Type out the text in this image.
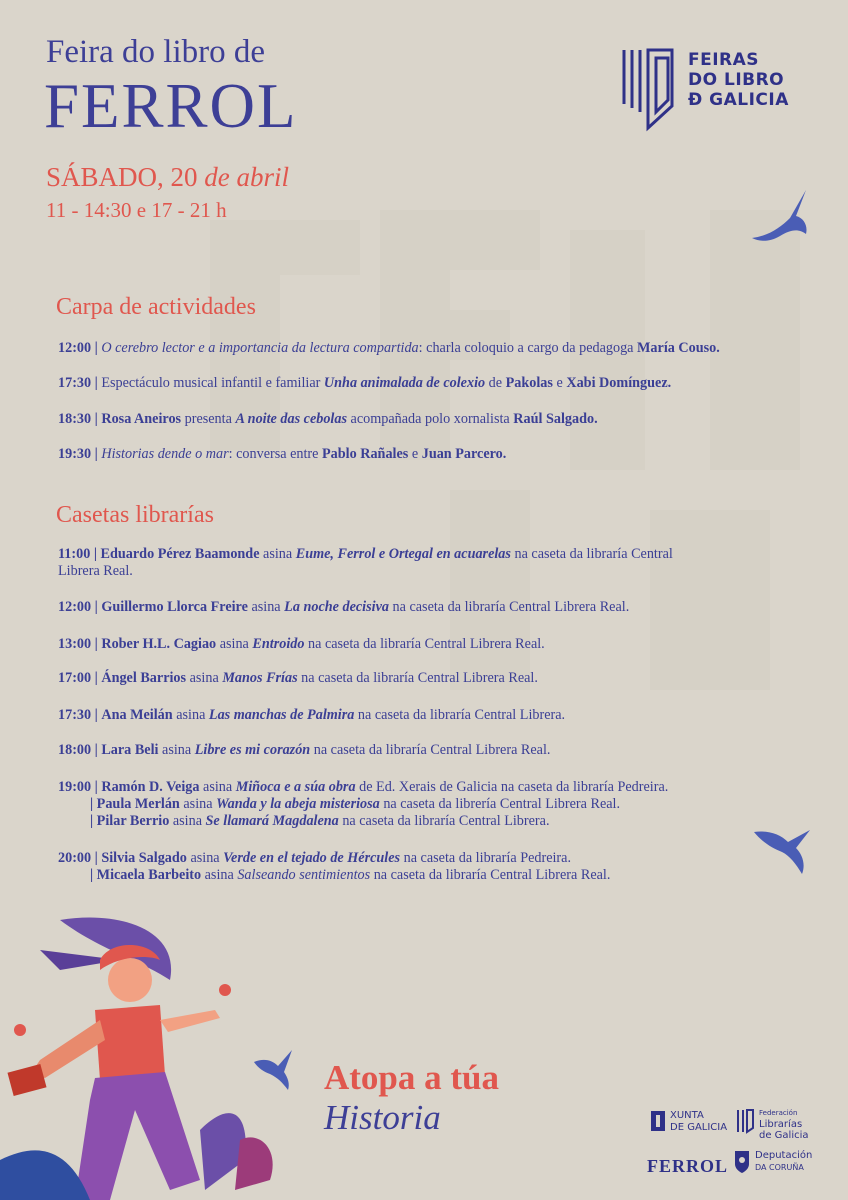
Feira do libro de
FERROL
SÁBADO, 20 de abril
11 - 14:30 e 17 - 21 h
FEIRAS
DO LIBRO
Ð GALICIA
Carpa de actividades
12:00 | O cerebro lector e a importancia da lectura compartida: charla coloquio a cargo da pedagoga María Couso.
17:30 | Espectáculo musical infantil e familiar Unha animalada de colexio de Pakolas e Xabi Domínguez.
18:30 | Rosa Aneiros presenta A noite das cebolas acompañada polo xornalista Raúl Salgado.
19:30 | Historias dende o mar: conversa entre Pablo Rañales e Juan Parcero.
Casetas librarías
11:00 | Eduardo Pérez Baamonde asina Eume, Ferrol e Ortegal en acuarelas na caseta da libraría Central
Librera Real.
12:00 | Guillermo Llorca Freire asina La noche decisiva na caseta da libraría Central Librera Real.
13:00 | Rober H.L. Cagiao asina Entroido na caseta da libraría Central Librera Real.
17:00 | Ángel Barrios asina Manos Frías na caseta da libraría Central Librera Real.
17:30 | Ana Meilán asina Las manchas de Palmira na caseta da libraría Central Librera.
18:00 | Lara Beli asina Libre es mi corazón na caseta da libraría Central Librera Real.
19:00 | Ramón D. Veiga asina Miñoca e a súa obra de Ed. Xerais de Galicia na caseta da libraría Pedreira.
| Paula Merlán asina Wanda y la abeja misteriosa na caseta da librería Central Librera Real.
| Pilar Berrio asina Se llamará Magdalena na caseta da libraría Central Librera.
20:00 | Silvia Salgado asina Verde en el tejado de Hércules na caseta da libraría Pedreira.
| Micaela Barbeito asina Salseando sentimientos na caseta da libraría Central Librera Real.
Atopa a túa
Historia	XUNTA
DE GALICIA
Federación
Librarías
de Galicia
FERROL
Deputación
DA CORUÑA
